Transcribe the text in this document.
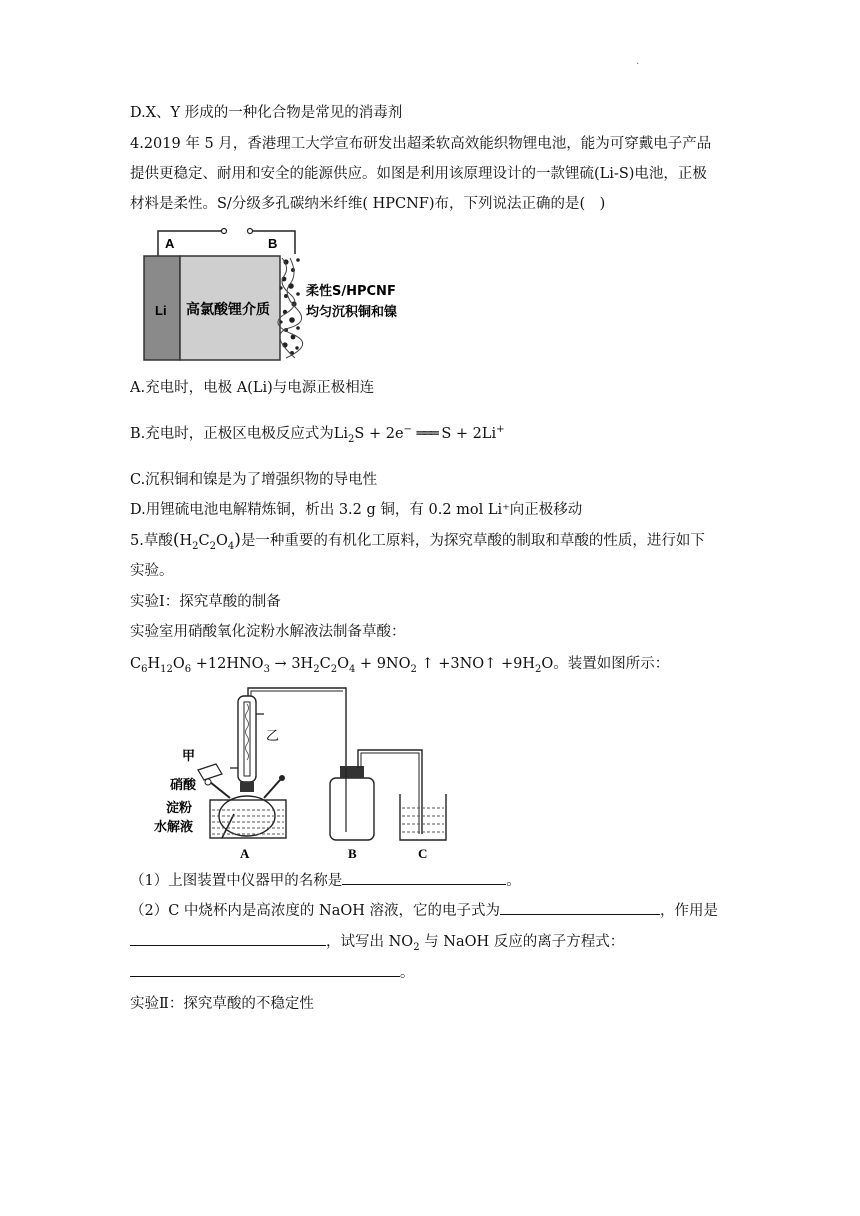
.
D.X、Y 形成的一种化合物是常见的消毒剂
4.2019 年 5 月，香港理工大学宣布研发出超柔软高效能织物锂电池，能为可穿戴电子产品
提供更稳定、耐用和安全的能源供应。如图是利用该原理设计的一款锂硫(Li-S)电池，正极
材料是柔性。S/分级多孔碳纳米纤维( HPCNF)布，下列说法正确的是(　)
A	B
Li 高氯酸锂介质
柔性S/HPCNF
均匀沉积铜和镍
A.充电时，电极 A(Li)与电源正极相连
B.充电时，正极区电极反应式为$Li_2S + 2e^-$ ═══ S + 2Li+
C.沉积铜和镍是为了增强织物的导电性
D.用锂硫电池电解精炼铜，析出 3.2 g 铜，有 0.2 mol Li⁺向正极移动
5.草酸$(H_2C_2O_4)$是一种重要的有机化工原料，为探究草酸的制取和草酸的性质，进行如下
实验。
实验Ⅰ：探究草酸的制备
实验室用硝酸氧化淀粉水解液法制备草酸：
$C_6H_{12}O_6 +12HNO_3 \to 3H_2C_2O_4 + 9NO_2$ ↑ +3NO↑ $+9H_2O$。装置如图所示：
乙
甲
硝酸
淀粉
水解液
A	B	C
（1）上图装置中仪器甲的名称是	。
（2）C 中烧杯内是高浓度的 NaOH 溶液，它的电子式为	，作用是
，试写出 $NO_2$ 与 NaOH 反应的离子方程式：
。
实验Ⅱ：探究草酸的不稳定性
